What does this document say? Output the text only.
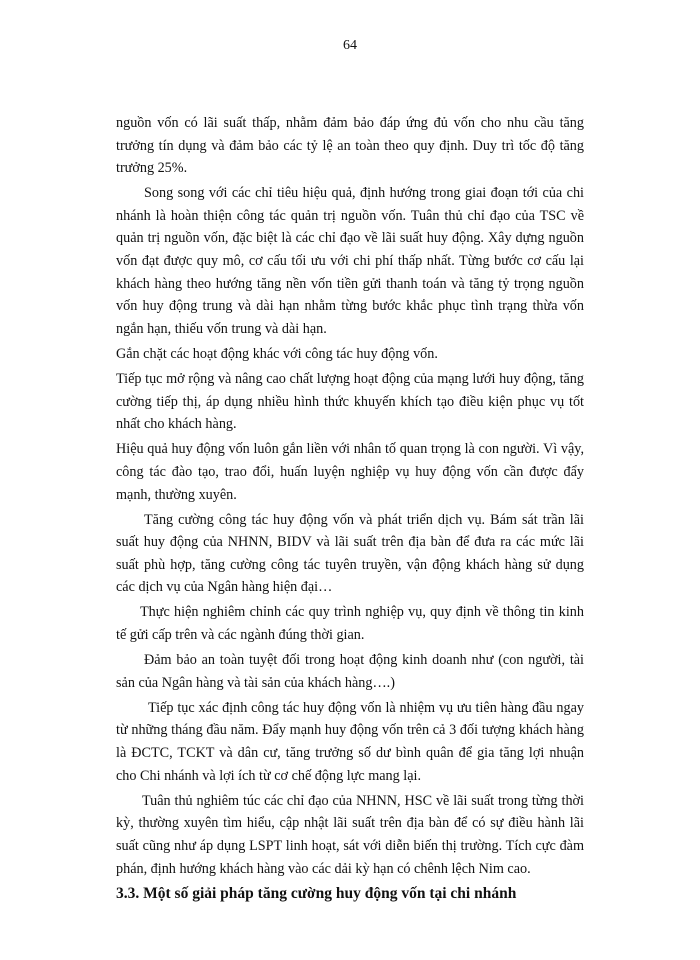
64

nguồn vốn có lãi suất thấp, nhằm đảm bảo đáp ứng đủ vốn cho nhu cầu tăng trưởng tín dụng và đảm bảo các tỷ lệ an toàn theo quy định. Duy trì tốc độ tăng trưởng 25%.

Song song với các chỉ tiêu hiệu quả, định hướng trong giai đoạn tới của chi nhánh là hoàn thiện công tác quản trị nguồn vốn. Tuân thủ chỉ đạo của TSC về quản trị nguồn vốn, đặc biệt là các chỉ đạo về lãi suất huy động. Xây dựng nguồn vốn đạt được quy mô, cơ cấu tối ưu với chi phí thấp nhất. Từng bước cơ cấu lại khách hàng theo hướng tăng nền vốn tiền gửi thanh toán và tăng tỷ trọng nguồn vốn huy động trung và dài hạn nhằm từng bước khắc phục tình trạng thừa vốn ngắn hạn, thiếu vốn trung và dài hạn.

Gắn chặt các hoạt động khác với công tác huy động vốn.

Tiếp tục mở rộng và nâng cao chất lượng hoạt động của mạng lưới huy động, tăng cường tiếp thị, áp dụng nhiều hình thức khuyến khích tạo điều kiện phục vụ tốt nhất cho khách hàng.

Hiệu quả huy động vốn luôn gắn liền với nhân tố quan trọng là con người. Vì vậy, công tác đào tạo, trao đổi, huấn luyện nghiệp vụ huy động vốn cần được đẩy mạnh, thường xuyên.

Tăng cường công tác huy động vốn và phát triển dịch vụ. Bám sát trần lãi suất huy động của NHNN, BIDV và lãi suất trên địa bàn để đưa ra các mức lãi suất phù hợp, tăng cường công tác tuyên truyền, vận động khách hàng sử dụng các dịch vụ của Ngân hàng hiện đại…

Thực hiện nghiêm chỉnh các quy trình nghiệp vụ, quy định về thông tin kinh tế gửi cấp trên và các ngành đúng thời gian.

Đảm bảo an toàn tuyệt đối trong hoạt động kinh doanh như (con người, tài sản của Ngân hàng và tài sản của khách hàng….)

Tiếp tục xác định công tác huy động vốn là nhiệm vụ ưu tiên hàng đầu ngay từ những tháng đầu năm. Đẩy mạnh huy động vốn trên cả 3 đối tượng khách hàng là ĐCTC, TCKT và dân cư, tăng trưởng số dư bình quân để gia tăng lợi nhuận cho Chi nhánh và lợi ích từ cơ chế động lực mang lại.

Tuân thủ nghiêm túc các chỉ đạo của NHNN, HSC về lãi suất trong từng thời kỳ, thường xuyên tìm hiểu, cập nhật lãi suất trên địa bàn để có sự điều hành lãi suất cũng như áp dụng LSPT linh hoạt, sát với diễn biến thị trường. Tích cực đàm phán, định hướng khách hàng vào các dải kỳ hạn có chênh lệch Nim cao.

3.3. Một số giải pháp tăng cường huy động vốn tại chi nhánh
